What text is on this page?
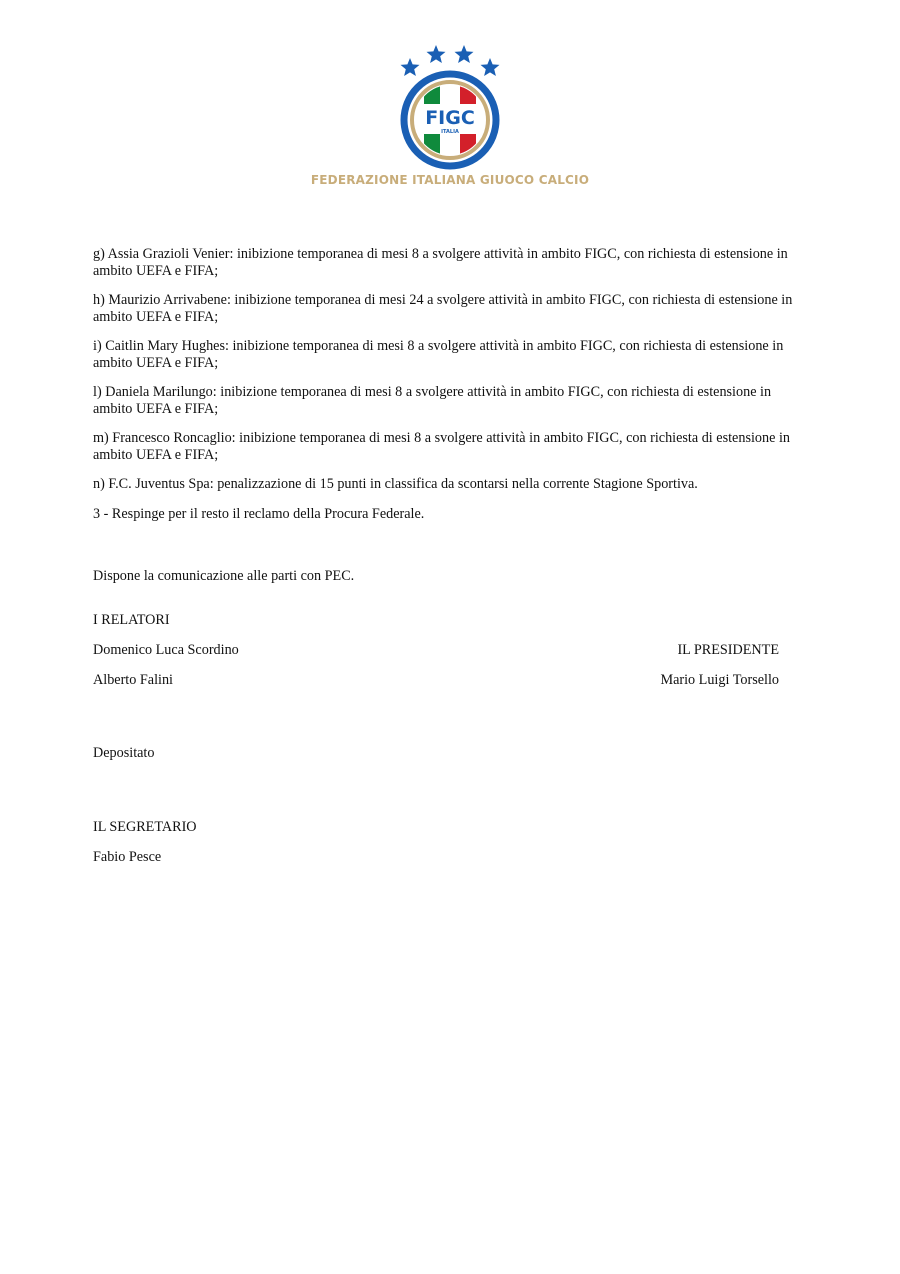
FIGC
ITALIA
FEDERAZIONE ITALIANA GIUOCO CALCIO

g) Assia Grazioli Venier: inibizione temporanea di mesi 8 a svolgere attività in ambito FIGC, con richiesta di estensione in ambito UEFA e FIFA;

h) Maurizio Arrivabene: inibizione temporanea di mesi 24 a svolgere attività in ambito FIGC, con richiesta di estensione in ambito UEFA e FIFA;

i) Caitlin Mary Hughes: inibizione temporanea di mesi 8 a svolgere attività in ambito FIGC, con richiesta di estensione in ambito UEFA e FIFA;

l) Daniela Marilungo: inibizione temporanea di mesi 8 a svolgere attività in ambito FIGC, con richiesta di estensione in ambito UEFA e FIFA;

m) Francesco Roncaglio: inibizione temporanea di mesi 8 a svolgere attività in ambito FIGC, con richiesta di estensione in ambito UEFA e FIFA;

n) F.C. Juventus Spa: penalizzazione di 15 punti in classifica da scontarsi nella corrente Stagione Sportiva.

3 - Respinge per il resto il reclamo della Procura Federale.

Dispone la comunicazione alle parti con PEC.
I RELATORI
Domenico Luca Scordino	IL PRESIDENTE
Alberto Falini	Mario Luigi Torsello
Depositato
IL SEGRETARIO
Fabio Pesce
